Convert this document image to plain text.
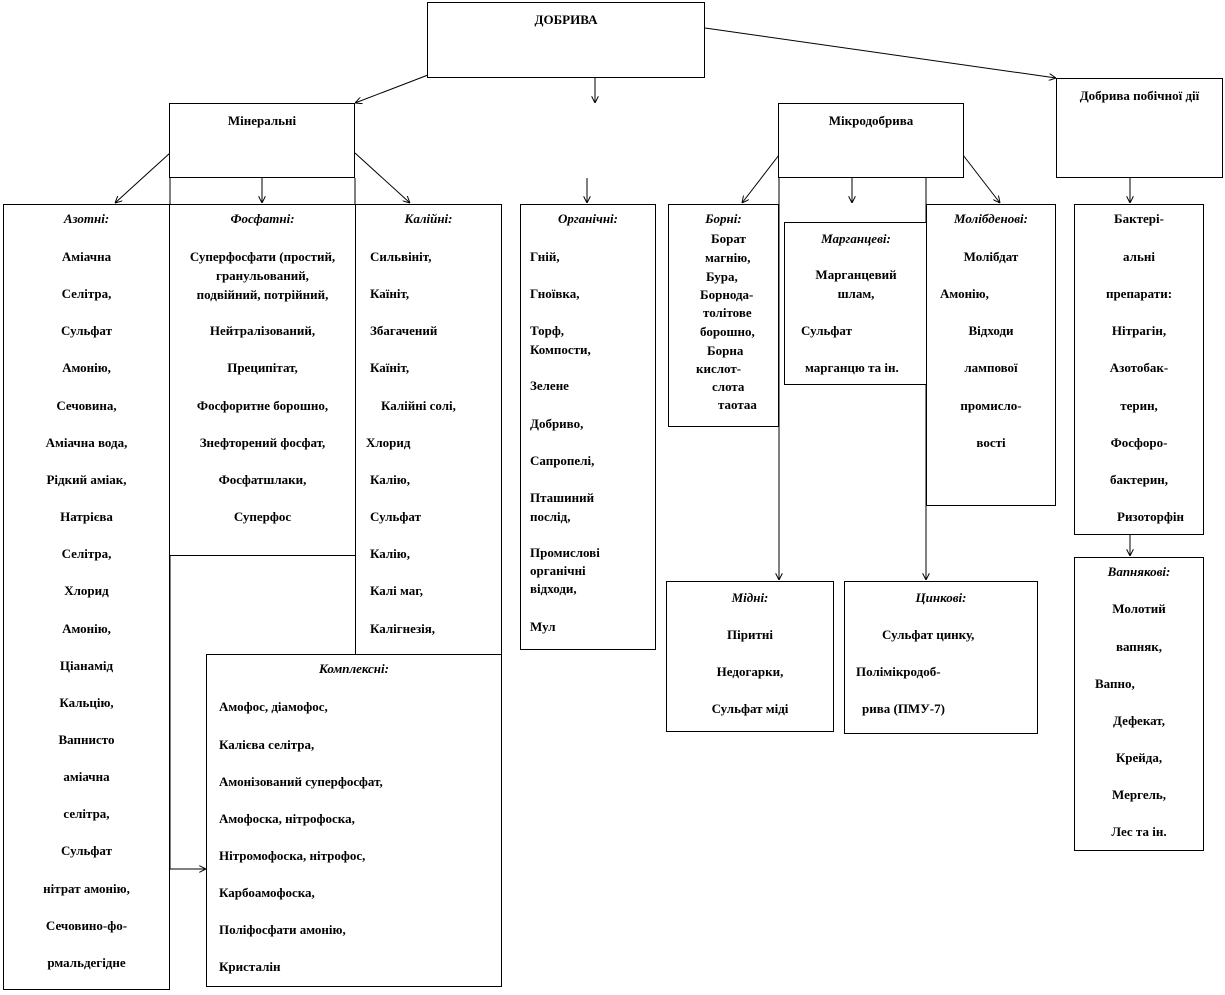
ДОБРИВА
Мінеральні	Мікродобрива
Добрива побічної дії
Азотні:
Аміачна
Селітра,
Сульфат
Амонію,
Сечовина,
Аміачна вода,
Рідкий аміак,
Натрієва
Селітра,
Хлорид
Амонію,
Ціанамід
Кальцію,
Вапнисто
аміачна
селітра,
Сульфат
нітрат амонію,
Сечовино-фо-
рмальдегідне
Фосфатні:
Суперфосфати (простий,
гранульований,
подвійний, потрійний,
Нейтралізований,
Преципітат,
Фосфоритне борошно,
Знефторений фосфат,
Фосфатшлаки,
Суперфос
Калійні:
Сильвініт,
Каїніт,
Збагачений
Каїніт,
Калійні солі,
Хлорид
Калію,
Сульфат
Калію,
Калі маг,
Калігнезія,
Комплексні:
Амофос, діамофос,
Калієва селітра,
Амонізований суперфосфат,
Амофоска, нітрофоска,
Нітромофоска, нітрофос,
Карбоамофоска,
Поліфосфати амонію,
Кристалін
Органічні:
Гній,
Гноївка,
Торф,
Компости,
Зелене
Добриво,
Сапропелі,
Пташиний
послід,
Промислові
органічні
відходи,
Мул
Борні:
Борат
магнію,
Бура,
Борнода-
толітове
борошно,
Борна
кислот-
слота
таотаа
Марганцеві:
Марганцевий
шлам,
Сульфат
марганцю та ін.
Молібденові:
Молібдат
Амонію,
Відходи
лампової
промисло-
вості
Мідні:
Піритні
Недогарки,
Сульфат міді
Цинкові:
Сульфат цинку,
Полімікродоб-
рива (ПМУ-7)
Бактері-
альні
препарати:
Нітрагін,
Азотобак-
терин,
Фосфоро-
бактерин,
Ризоторфін
Вапнякові:
Молотий
вапняк,
Вапно,
Дефекат,
Крейда,
Мергель,
Лес та ін.
